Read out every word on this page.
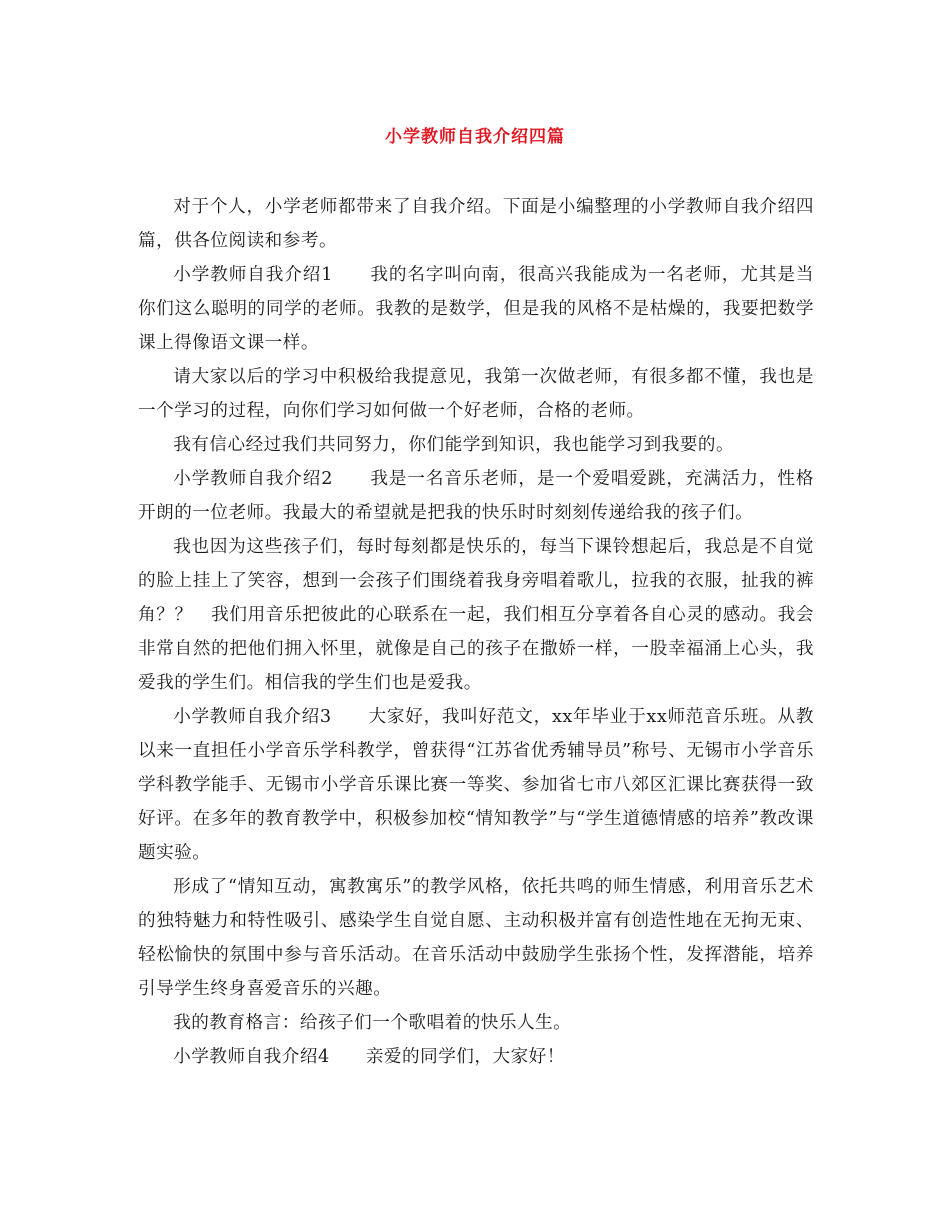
小学教师自我介绍四篇

对于个人，小学老师都带来了自我介绍。下面是小编整理的小学教师自我介绍四篇，供各位阅读和参考。

小学教师自我介绍1　　我的名字叫向南，很高兴我能成为一名老师，尤其是当你们这么聪明的同学的老师。我教的是数学，但是我的风格不是枯燥的，我要把数学课上得像语文课一样。

请大家以后的学习中积极给我提意见，我第一次做老师，有很多都不懂，我也是一个学习的过程，向你们学习如何做一个好老师，合格的老师。

我有信心经过我们共同努力，你们能学到知识，我也能学习到我要的。

小学教师自我介绍2　　我是一名音乐老师，是一个爱唱爱跳，充满活力，性格开朗的一位老师。我最大的希望就是把我的快乐时时刻刻传递给我的孩子们。

我也因为这些孩子们，每时每刻都是快乐的，每当下课铃想起后，我总是不自觉的脸上挂上了笑容，想到一会孩子们围绕着我身旁唱着歌儿，拉我的衣服，扯我的裤角？？　我们用音乐把彼此的心联系在一起，我们相互分享着各自心灵的感动。我会非常自然的把他们拥入怀里，就像是自己的孩子在撒娇一样，一股幸福涌上心头，我爱我的学生们。相信我的学生们也是爱我。

小学教师自我介绍3　　大家好，我叫好范文，xx年毕业于xx师范音乐班。从教以来一直担任小学音乐学科教学，曾获得“江苏省优秀辅导员”称号、无锡市小学音乐学科教学能手、无锡市小学音乐课比赛一等奖、参加省七市八郊区汇课比赛获得一致好评。在多年的教育教学中，积极参加校“情知教学”与“学生道德情感的培养”教改课题实验。

形成了“情知互动，寓教寓乐”的教学风格，依托共鸣的师生情感，利用音乐艺术的独特魅力和特性吸引、感染学生自觉自愿、主动积极并富有创造性地在无拘无束、轻松愉快的氛围中参与音乐活动。在音乐活动中鼓励学生张扬个性，发挥潜能，培养引导学生终身喜爱音乐的兴趣。

我的教育格言：给孩子们一个歌唱着的快乐人生。

小学教师自我介绍4　　亲爱的同学们，大家好！
